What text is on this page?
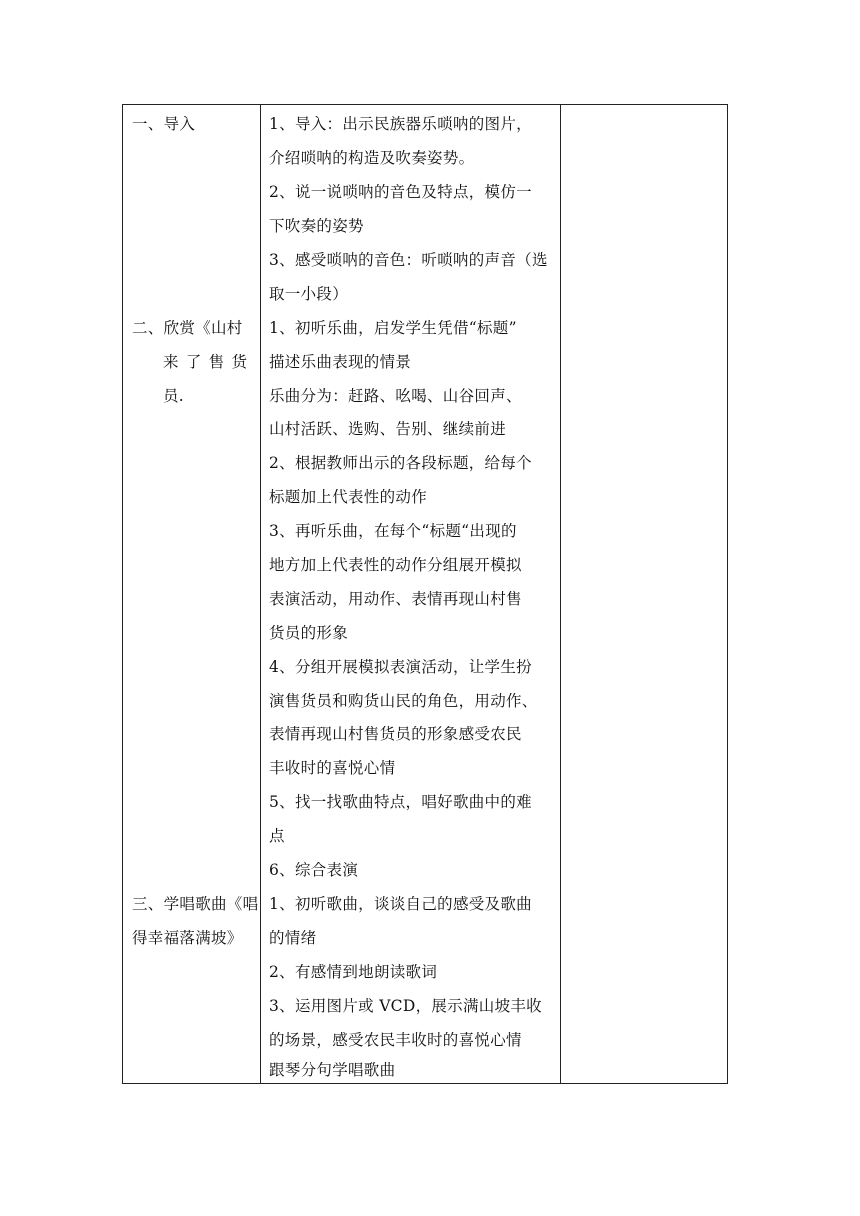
一、导入	1、导入：出示民族器乐唢呐的图片，
介绍唢呐的构造及吹奏姿势。
2、说一说唢呐的音色及特点，模仿一
下吹奏的姿势
3、感受唢呐的音色：听唢呐的声音（选
取一小段）
二、欣赏《山村
来 了 售 货
员.
1、初听乐曲，启发学生凭借“标题”
描述乐曲表现的情景
乐曲分为：赶路、吆喝、山谷回声、
山村活跃、选购、告别、继续前进
2、根据教师出示的各段标题，给每个
标题加上代表性的动作
3、再听乐曲，在每个“标题“出现的
地方加上代表性的动作分组展开模拟
表演活动，用动作、表情再现山村售
货员的形象
4、分组开展模拟表演活动，让学生扮
演售货员和购货山民的角色，用动作、
表情再现山村售货员的形象感受农民
丰收时的喜悦心情
5、找一找歌曲特点，唱好歌曲中的难
点
6、综合表演
三、学唱歌曲《唱
得幸福落满坡》
1、初听歌曲，谈谈自己的感受及歌曲
的情绪
2、有感情到地朗读歌词
3、运用图片或 VCD，展示满山坡丰收
的场景，感受农民丰收时的喜悦心情
跟琴分句学唱歌曲
